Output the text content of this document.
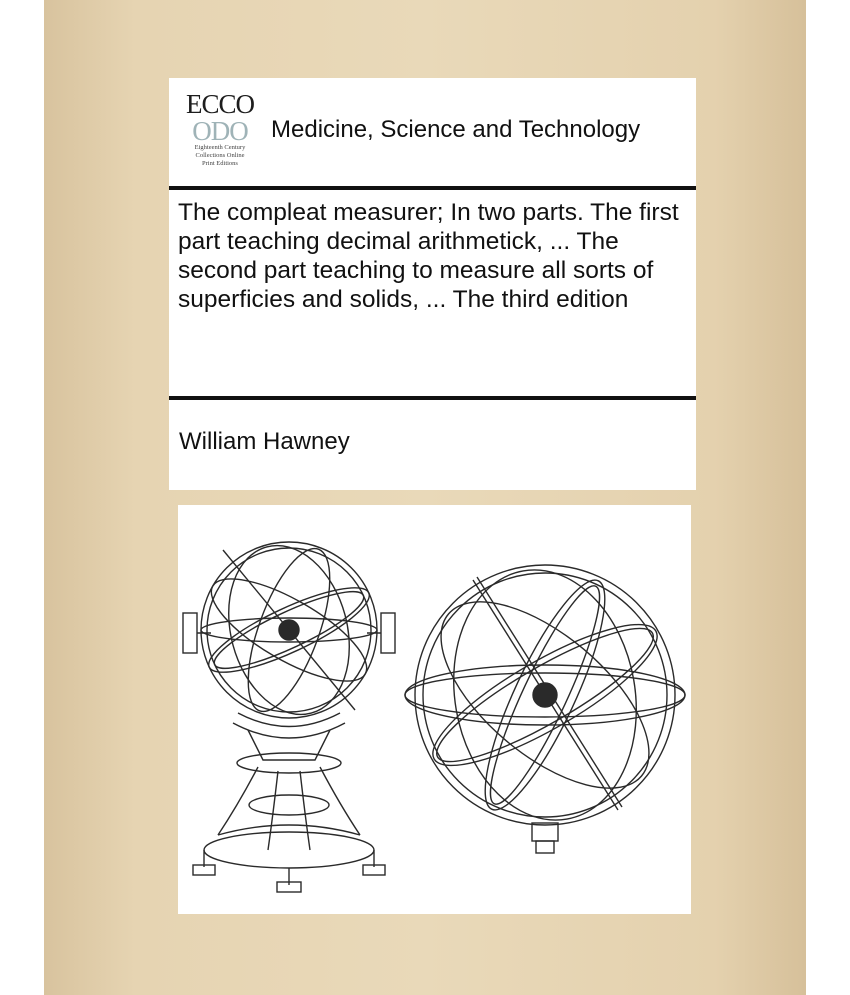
ECCO
ODO
Eighteenth Century
Collections Online
Print Editions
Medicine, Science and Technology
The compleat measurer; In two parts. The first part teaching decimal arithmetick, ... The second part teaching to measure all sorts of superficies and solids, ... The third edition
William Hawney
